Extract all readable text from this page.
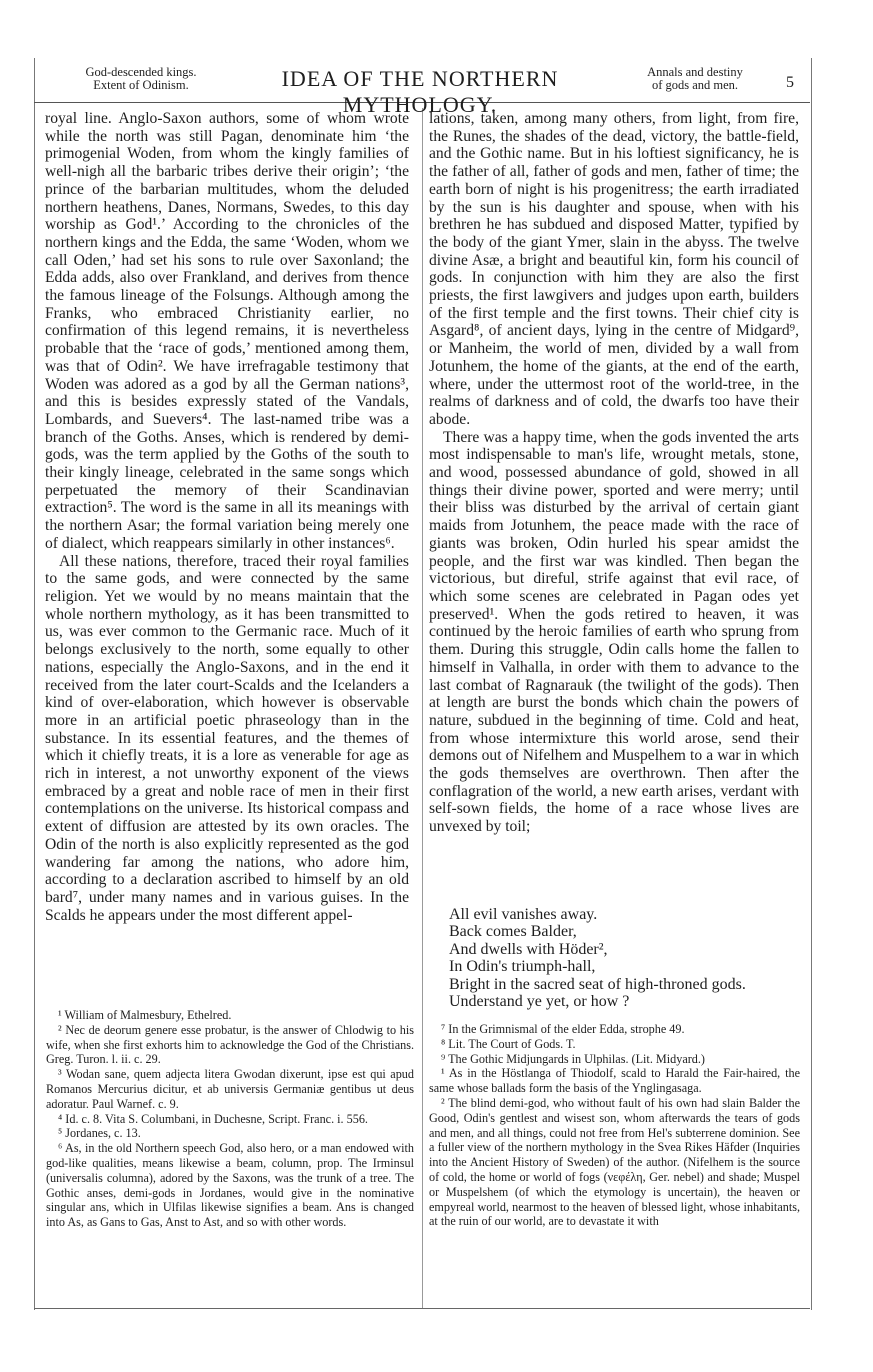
God-descended kings.
Extent of Odinism.	IDEA OF THE NORTHERN MYTHOLOGY.
Annals and destiny
of gods and men.	5

royal line. Anglo-Saxon authors, some of whom wrote while the north was still Pagan, denominate him ‘the primogenial Woden, from whom the kingly families of well-nigh all the barbaric tribes derive their origin’; ‘the prince of the barbarian multitudes, whom the deluded northern heathens, Danes, Normans, Swedes, to this day worship as God¹.’ According to the chronicles of the northern kings and the Edda, the same ‘Woden, whom we call Oden,’ had set his sons to rule over Saxonland; the Edda adds, also over Frankland, and derives from thence the famous lineage of the Folsungs. Although among the Franks, who embraced Christianity earlier, no confirmation of this legend remains, it is nevertheless probable that the ‘race of gods,’ mentioned among them, was that of Odin². We have irrefragable testimony that Woden was adored as a god by all the German nations³, and this is besides expressly stated of the Vandals, Lombards, and Suevers⁴. The last-named tribe was a branch of the Goths. Anses, which is rendered by demi-gods, was the term applied by the Goths of the south to their kingly lineage, celebrated in the same songs which perpetuated the memory of their Scandinavian extraction⁵. The word is the same in all its meanings with the northern Asar; the formal variation being merely one of dialect, which reappears similarly in other instances⁶.

All these nations, therefore, traced their royal families to the same gods, and were connected by the same religion. Yet we would by no means maintain that the whole northern mythology, as it has been transmitted to us, was ever common to the Germanic race. Much of it belongs exclusively to the north, some equally to other nations, especially the Anglo-Saxons, and in the end it received from the later court-Scalds and the Icelanders a kind of over-elaboration, which however is observable more in an artificial poetic phraseology than in the substance. In its essential features, and the themes of which it chiefly treats, it is a lore as venerable for age as rich in interest, a not unworthy exponent of the views embraced by a great and noble race of men in their first contemplations on the universe. Its historical compass and extent of diffusion are attested by its own oracles. The Odin of the north is also explicitly represented as the god wandering far among the nations, who adore him, according to a declaration ascribed to himself by an old bard⁷, under many names and in various guises. In the Scalds he appears under the most different appel-

lations, taken, among many others, from light, from fire, the Runes, the shades of the dead, victory, the battle-field, and the Gothic name. But in his loftiest significancy, he is the father of all, father of gods and men, father of time; the earth born of night is his progenitress; the earth irradiated by the sun is his daughter and spouse, when with his brethren he has subdued and disposed Matter, typified by the body of the giant Ymer, slain in the abyss. The twelve divine Asæ, a bright and beautiful kin, form his council of gods. In conjunction with him they are also the first priests, the first lawgivers and judges upon earth, builders of the first temple and the first towns. Their chief city is Asgard⁸, of ancient days, lying in the centre of Midgard⁹, or Manheim, the world of men, divided by a wall from Jotunhem, the home of the giants, at the end of the earth, where, under the uttermost root of the world-tree, in the realms of darkness and of cold, the dwarfs too have their abode.

There was a happy time, when the gods invented the arts most indispensable to man's life, wrought metals, stone, and wood, possessed abundance of gold, showed in all things their divine power, sported and were merry; until their bliss was disturbed by the arrival of certain giant maids from Jotunhem, the peace made with the race of giants was broken, Odin hurled his spear amidst the people, and the first war was kindled. Then began the victorious, but direful, strife against that evil race, of which some scenes are celebrated in Pagan odes yet preserved¹. When the gods retired to heaven, it was continued by the heroic families of earth who sprung from them. During this struggle, Odin calls home the fallen to himself in Valhalla, in order with them to advance to the last combat of Ragnarauk (the twilight of the gods). Then at length are burst the bonds which chain the powers of nature, subdued in the beginning of time. Cold and heat, from whose intermixture this world arose, send their demons out of Nifelhem and Muspelhem to a war in which the gods themselves are overthrown. Then after the conflagration of the world, a new earth arises, verdant with self-sown fields, the home of a race whose lives are unvexed by toil;

All evil vanishes away.
Back comes Balder,
And dwells with Höder²,
In Odin's triumph-hall,
Bright in the sacred seat of high-throned gods.
Understand ye yet, or how ?

¹ William of Malmesbury, Ethelred.

² Nec de deorum genere esse probatur, is the answer of Chlodwig to his wife, when she first exhorts him to acknowledge the God of the Christians. Greg. Turon. l. ii. c. 29.

³ Wodan sane, quem adjecta litera Gwodan dixerunt, ipse est qui apud Romanos Mercurius dicitur, et ab universis Germaniæ gentibus ut deus adoratur. Paul Warnef. c. 9.

⁴ Id. c. 8. Vita S. Columbani, in Duchesne, Script. Franc. i. 556.

⁵ Jordanes, c. 13.

⁶ As, in the old Northern speech God, also hero, or a man endowed with god-like qualities, means likewise a beam, column, prop. The Irminsul (universalis columna), adored by the Saxons, was the trunk of a tree. The Gothic anses, demi-gods in Jordanes, would give in the nominative singular ans, which in Ulfilas likewise signifies a beam. Ans is changed into As, as Gans to Gas, Anst to Ast, and so with other words.

⁷ In the Grimnismal of the elder Edda, strophe 49.

⁸ Lit. The Court of Gods. T.

⁹ The Gothic Midjungards in Ulphilas. (Lit. Midyard.)

¹ As in the Höstlanga of Thiodolf, scald to Harald the Fair-haired, the same whose ballads form the basis of the Ynglingasaga.

² The blind demi-god, who without fault of his own had slain Balder the Good, Odin's gentlest and wisest son, whom afterwards the tears of gods and men, and all things, could not free from Hel's subterrene dominion. See a fuller view of the northern mythology in the Svea Rikes Häfder (Inquiries into the Ancient History of Sweden) of the author. (Nifelhem is the source of cold, the home or world of fogs (νεφέλη, Ger. nebel) and shade; Muspel or Muspelshem (of which the etymology is uncertain), the heaven or empyreal world, nearmost to the heaven of blessed light, whose inhabitants, at the ruin of our world, are to devastate it with
